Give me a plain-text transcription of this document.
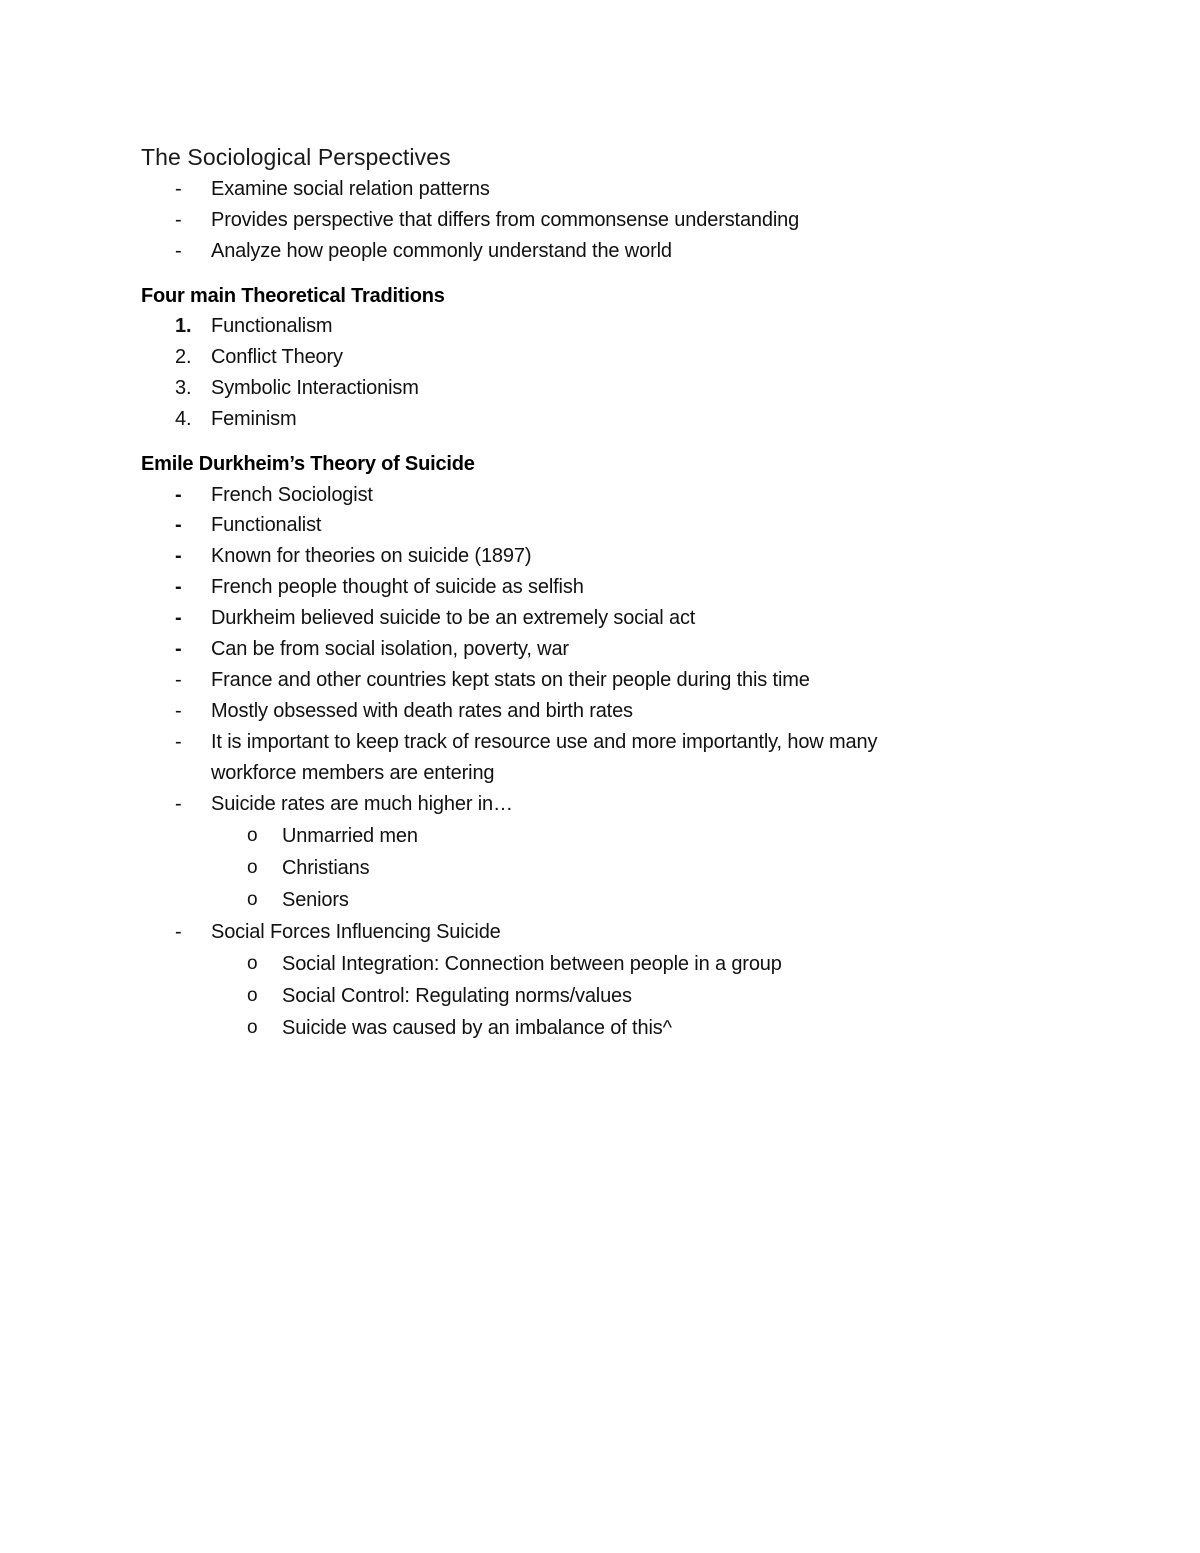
The Sociological Perspectives
- Examine social relation patterns
- Provides perspective that differs from commonsense understanding
- Analyze how people commonly understand the world
Four main Theoretical Traditions
1. Functionalism
2. Conflict Theory
3. Symbolic Interactionism
4. Feminism
Emile Durkheim’s Theory of Suicide
- French Sociologist
- Functionalist
- Known for theories on suicide (1897)
- French people thought of suicide as selfish
- Durkheim believed suicide to be an extremely social act
- Can be from social isolation, poverty, war
- France and other countries kept stats on their people during this time
- Mostly obsessed with death rates and birth rates
- It is important to keep track of resource use and more importantly, how many
workforce members are entering
- Suicide rates are much higher in…
o Unmarried men
o Christians
o Seniors
- Social Forces Influencing Suicide
o Social Integration: Connection between people in a group
o Social Control: Regulating norms/values
o Suicide was caused by an imbalance of this^
